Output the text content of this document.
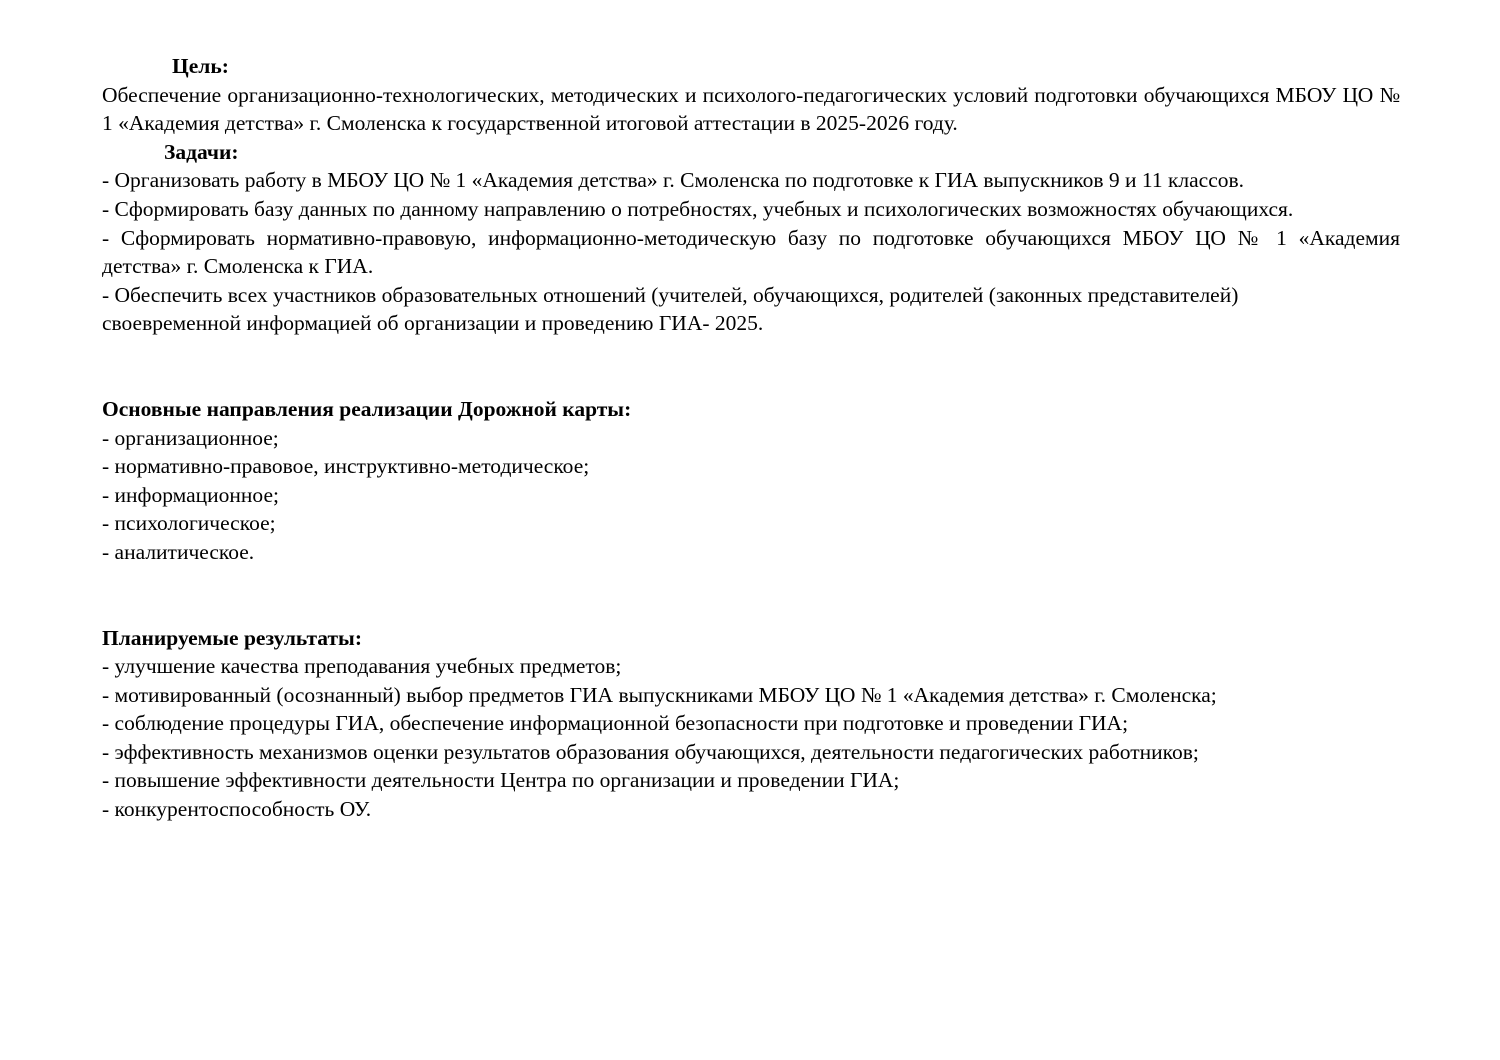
Цель:

Обеспечение организационно-технологических, методических и психолого-педагогических условий подготовки обучающихся МБОУ ЦО № 1 «Академия детства» г. Смоленска к государственной итоговой аттестации в 2025-2026 году.

Задачи:

- Организовать работу в МБОУ ЦО № 1 «Академия детства» г. Смоленска по подготовке к ГИА выпускников 9 и 11 классов.

- Сформировать базу данных по данному направлению о потребностях, учебных и психологических возможностях обучающихся.

- Сформировать нормативно-правовую, информационно-методическую базу по подготовке обучающихся МБОУ ЦО № 1 «Академия детства» г. Смоленска к ГИА.

- Обеспечить всех участников образовательных отношений (учителей, обучающихся, родителей (законных представителей) своевременной информацией об организации и проведению ГИА- 2025.

Основные направления реализации Дорожной карты:
- организационное;
- нормативно-правовое, инструктивно-методическое;
- информационное;
- психологическое;
- аналитическое.
Планируемые результаты:
- улучшение качества преподавания учебных предметов;
- мотивированный (осознанный) выбор предметов ГИА выпускниками МБОУ ЦО № 1 «Академия детства» г. Смоленска;
- соблюдение процедуры ГИА, обеспечение информационной безопасности при подготовке и проведении ГИА;
- эффективность механизмов оценки результатов образования обучающихся, деятельности педагогических работников;
- повышение эффективности деятельности Центра по организации и проведении ГИА;
- конкурентоспособность ОУ.
